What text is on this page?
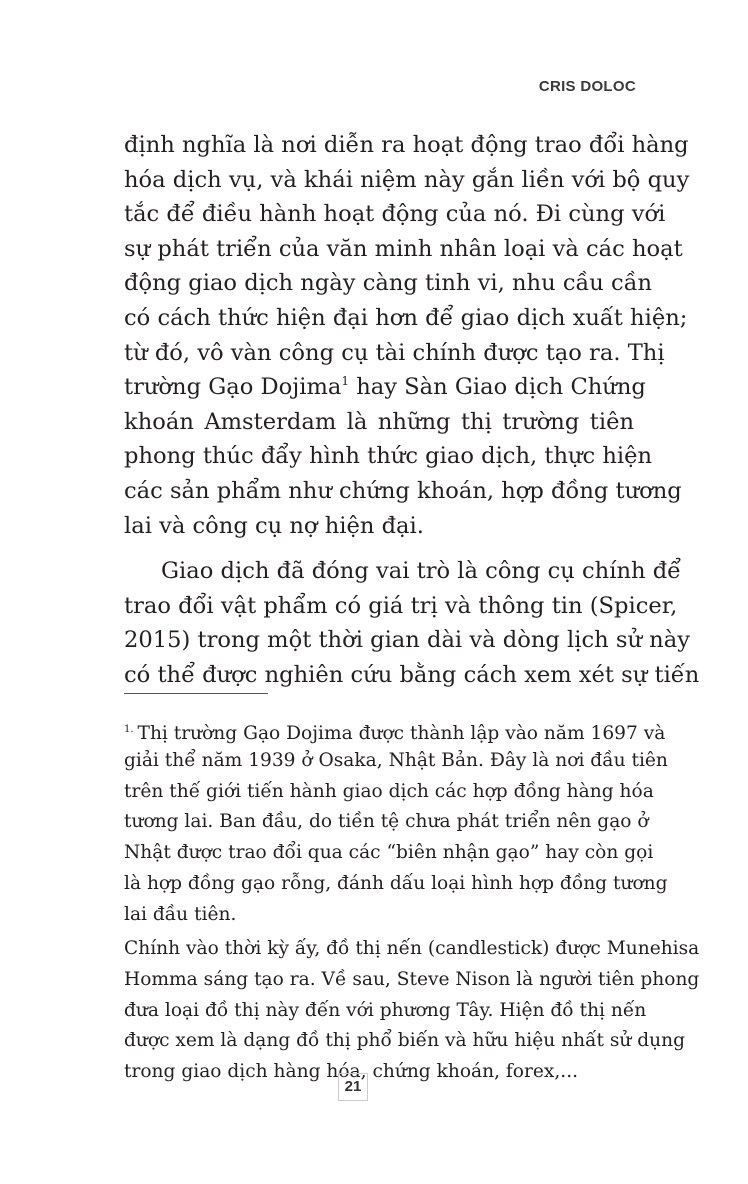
CRIS DOLOC
định nghĩa là nơi diễn ra hoạt động trao đổi hàng
hóa dịch vụ, và khái niệm này gắn liền với bộ quy
tắc để điều hành hoạt động của nó. Đi cùng với
sự phát triển của văn minh nhân loại và các hoạt
động giao dịch ngày càng tinh vi, nhu cầu cần
có cách thức hiện đại hơn để giao dịch xuất hiện;
từ đó, vô vàn công cụ tài chính được tạo ra. Thị
trường Gạo Dojima$^1$ hay Sàn Giao dịch Chứng
khoán Amsterdam là những thị trường tiên
phong thúc đẩy hình thức giao dịch, thực hiện
các sản phẩm như chứng khoán, hợp đồng tương
lai và công cụ nợ hiện đại.
Giao dịch đã đóng vai trò là công cụ chính để
trao đổi vật phẩm có giá trị và thông tin (Spicer,
2015) trong một thời gian dài và dòng lịch sử này
có thể được nghiên cứu bằng cách xem xét sự tiến
$^{1.}$ Thị trường Gạo Dojima được thành lập vào năm 1697 và
giải thể năm 1939 ở Osaka, Nhật Bản. Đây là nơi đầu tiên
trên thế giới tiến hành giao dịch các hợp đồng hàng hóa
tương lai. Ban đầu, do tiền tệ chưa phát triển nên gạo ở
Nhật được trao đổi qua các “biên nhận gạo” hay còn gọi
là hợp đồng gạo rỗng, đánh dấu loại hình hợp đồng tương
lai đầu tiên.
Chính vào thời kỳ ấy, đồ thị nến (candlestick) được Munehisa
Homma sáng tạo ra. Về sau, Steve Nison là người tiên phong
đưa loại đồ thị này đến với phương Tây. Hiện đồ thị nến
được xem là dạng đồ thị phổ biến và hữu hiệu nhất sử dụng
trong giao dịch hàng hóa, chứng khoán, forex,...
21
